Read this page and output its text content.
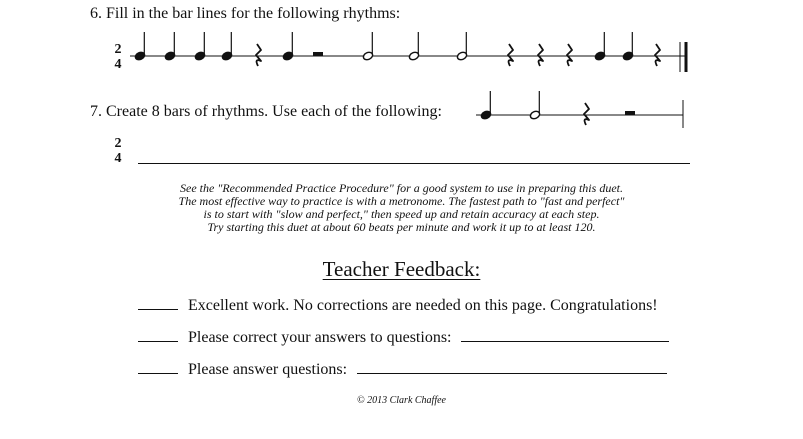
6. Fill in the bar lines for the following rhythms:
2
4
7. Create 8 bars of rhythms. Use each of the following:
2
4
See the "Recommended Practice Procedure" for a good system to use in preparing this duet.
The most effective way to practice is with a metronome. The fastest path to "fast and perfect"
is to start with "slow and perfect," then speed up and retain accuracy at each step.
Try starting this duet at about 60 beats per minute and work it up to at least 120.
Teacher Feedback:
Excellent work. No corrections are needed on this page. Congratulations!
Please correct your answers to questions:
Please answer questions:
© 2013 Clark Chaffee
